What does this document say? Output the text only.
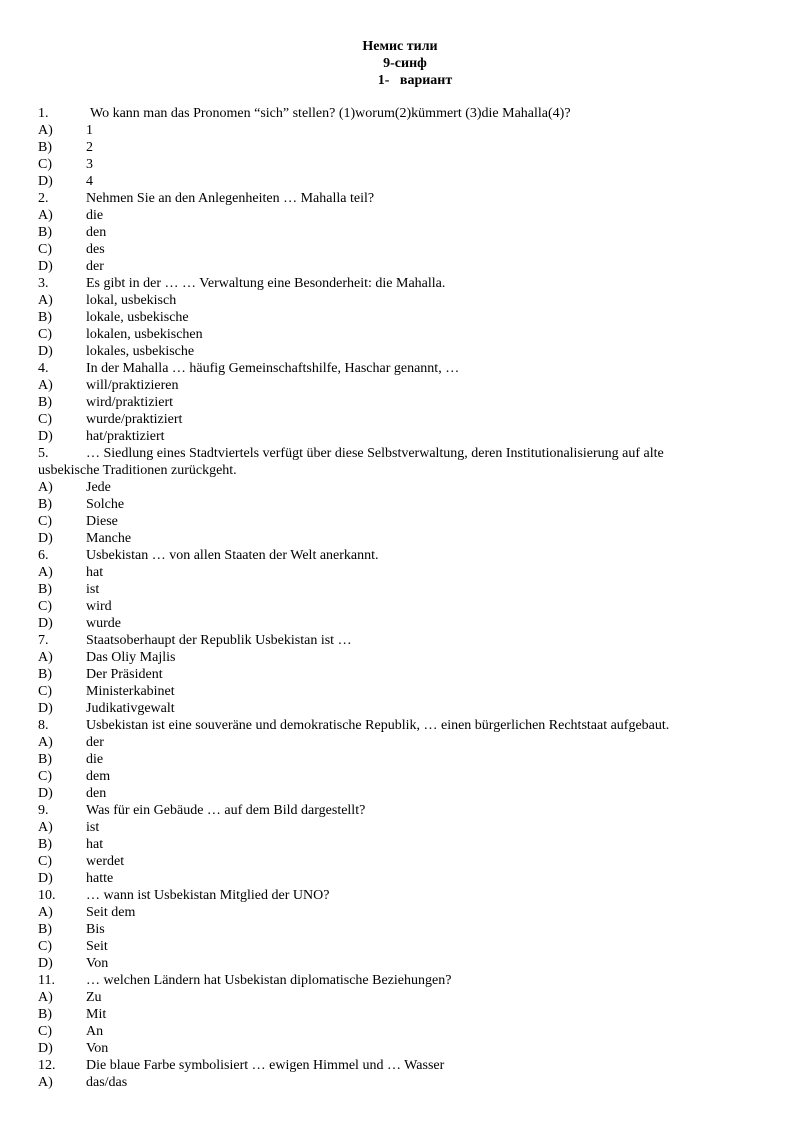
Немис тили
9-синф
1-   вариант
1.	Wo kann man das Pronomen “sich” stellen? (1)worum(2)kümmert (3)die Mahalla(4)?
A) 1
B) 2
C) 3
D) 4
2.	Nehmen Sie an den Anlegenheiten … Mahalla teil?
A) die
B) den
C) des
D) der
3.	Es gibt in der … … Verwaltung eine Besonderheit: die Mahalla.
A) lokal, usbekisch
B) lokale, usbekische
C) lokalen, usbekischen
D) lokales, usbekische
4.	In der Mahalla … häufig Gemeinschaftshilfe, Haschar genannt, …
A) will/praktizieren
B) wird/praktiziert
C) wurde/praktiziert
D) hat/praktiziert
5.	… Siedlung eines Stadtviertels verfügt über diese Selbstverwaltung, deren Institutionalisierung auf alte
usbekische Traditionen zurückgeht.
A) Jede
B) Solche
C) Diese
D) Manche
6.	Usbekistan … von allen Staaten der Welt anerkannt.
A) hat
B) ist
C) wird
D) wurde
7.	Staatsoberhaupt der Republik Usbekistan ist …
A) Das Oliy Majlis
B) Der Präsident
C) Ministerkabinet
D) Judikativgewalt
8.	Usbekistan ist eine souveräne und demokratische Republik, … einen bürgerlichen Rechtstaat aufgebaut.
A) der
B) die
C) dem
D) den
9.	Was für ein Gebäude … auf dem Bild dargestellt?
A) ist
B) hat
C) werdet
D) hatte
10. … wann ist Usbekistan Mitglied der UNO?
A) Seit dem
B) Bis
C) Seit
D) Von
11. … welchen Ländern hat Usbekistan diplomatische Beziehungen?
A) Zu
B) Mit
C) An
D) Von
12. Die blaue Farbe symbolisiert … ewigen Himmel und … Wasser
A) das/das
